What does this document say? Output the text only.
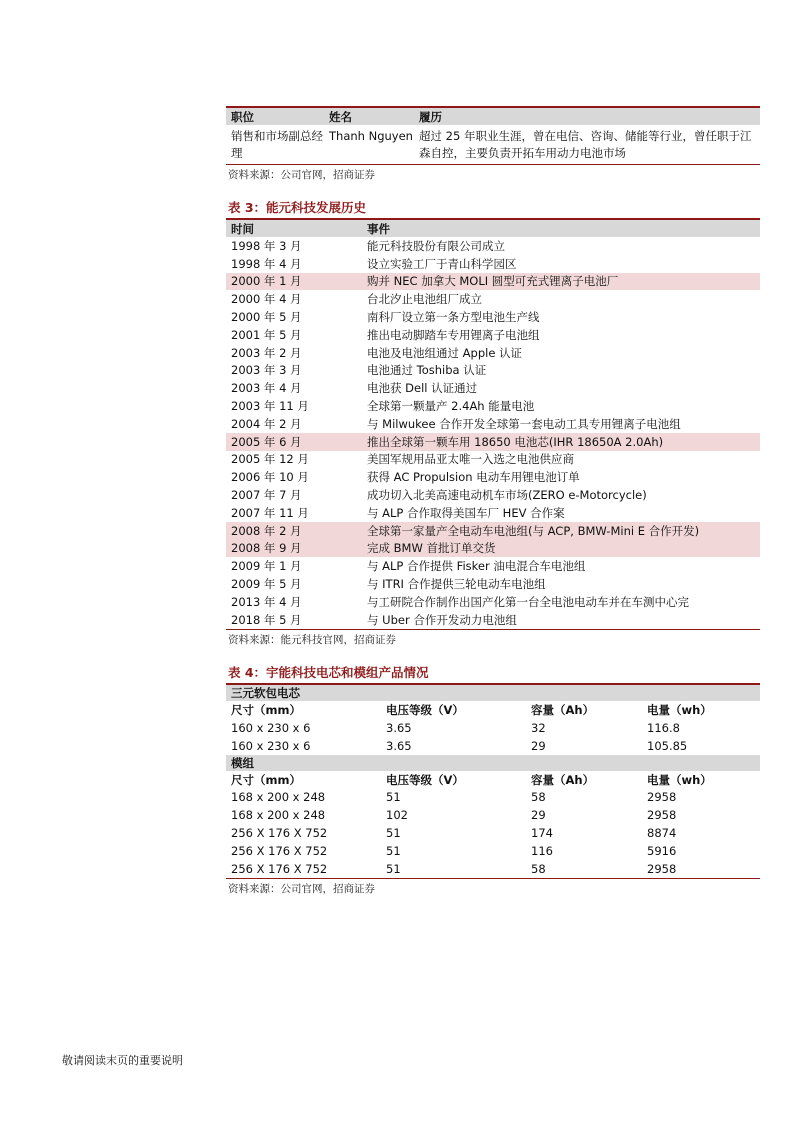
职位	姓名	履历
销售和市场副总经理	Thanh Nguyen	超过 25 年职业生涯，曾在电信、咨询、储能等行业，曾任职于江森自控，主要负责开拓车用动力电池市场
资料来源：公司官网，招商证券
表 3：能元科技发展历史
时间	事件
1998 年 3 月	能元科技股份有限公司成立
1998 年 4 月	设立实验工厂于青山科学园区
2000 年 1 月	购并 NEC 加拿大 MOLI 圆型可充式锂离子电池厂
2000 年 4 月	台北汐止电池组厂成立
2000 年 5 月	南科厂设立第一条方型电池生产线
2001 年 5 月	推出电动脚踏车专用锂离子电池组
2003 年 2 月	电池及电池组通过 Apple 认证
2003 年 3 月	电池通过 Toshiba 认证
2003 年 4 月	电池获 Dell 认证通过
2003 年 11 月	全球第一颗量产 2.4Ah 能量电池
2004 年 2 月	与 Milwukee 合作开发全球第一套电动工具专用锂离子电池组
2005 年 6 月	推出全球第一颗车用 18650 电池芯(IHR 18650A 2.0Ah)
2005 年 12 月	美国军规用品亚太唯一入选之电池供应商
2006 年 10 月	获得 AC Propulsion 电动车用锂电池订单
2007 年 7 月	成功切入北美高速电动机车市场(ZERO e-Motorcycle)
2007 年 11 月	与 ALP 合作取得美国车厂 HEV 合作案
2008 年 2 月	全球第一家量产全电动车电池组(与 ACP, BMW-Mini E 合作开发)
2008 年 9 月	完成 BMW 首批订单交货
2009 年 1 月	与 ALP 合作提供 Fisker 油电混合车电池组
2009 年 5 月	与 ITRI 合作提供三轮电动车电池组
2013 年 4 月	与工研院合作制作出国产化第一台全电池电动车并在车测中心完
2018 年 5 月	与 Uber 合作开发动力电池组
资料来源：能元科技官网，招商证券
表 4：宇能科技电芯和模组产品情况
三元软包电芯			
尺寸（mm）	电压等级（V）	容量（Ah）	电量（wh）
160 x 230 x 6	3.65	32	116.8
160 x 230 x 6	3.65	29	105.85
模组			
尺寸（mm）	电压等级（V）	容量（Ah）	电量（wh）
168 x 200 x 248	51	58	2958
168 x 200 x 248	102	29	2958
256 X 176 X 752	51	174	8874
256 X 176 X 752	51	116	5916
256 X 176 X 752	51	58	2958
资料来源：公司官网，招商证券
敬请阅读末页的重要说明
